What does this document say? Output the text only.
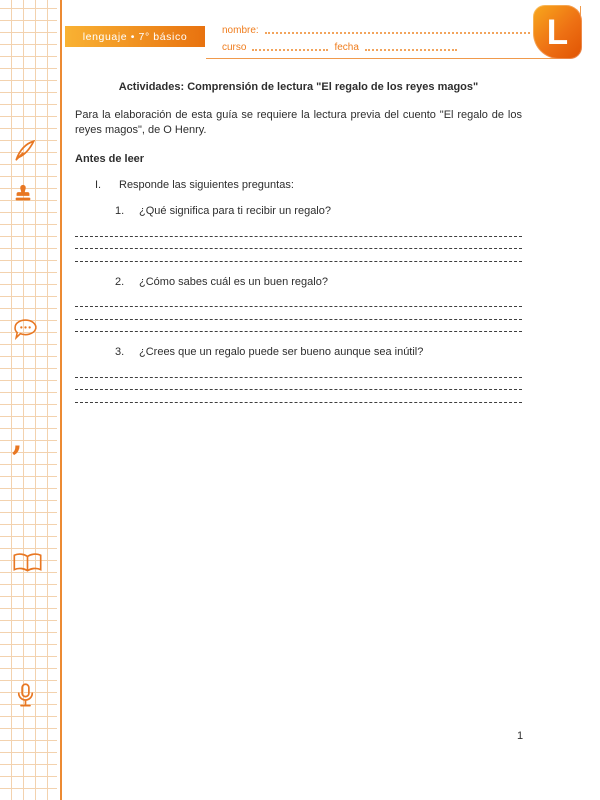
,
lenguaje • 7° básico	L
nombre:
curso	fecha
Actividades: Comprensión de lectura "El regalo de los reyes magos"
Para la elaboración de esta guía se requiere la lectura previa del cuento "El regalo de los reyes magos", de O Henry.
Antes de leer
I.	Responde las siguientes preguntas:
1.	¿Qué significa para ti recibir un regalo?
2.	¿Cómo sabes cuál es un buen regalo?
3.	¿Crees que un regalo puede ser bueno aunque sea inútil?
1
